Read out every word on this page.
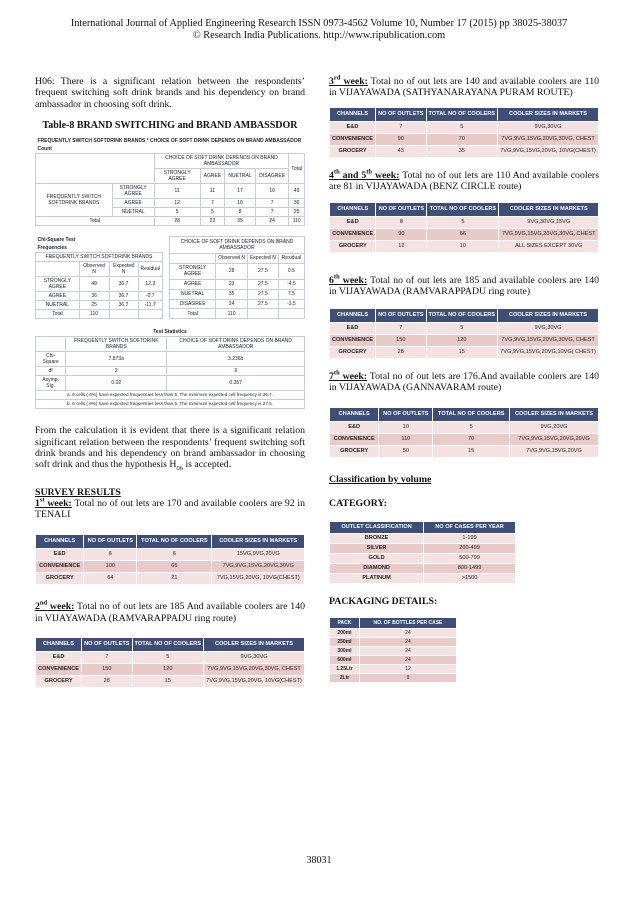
International Journal of Applied Engineering Research ISSN 0973-4562 Volume 10, Number 17 (2015) pp 38025-38037
© Research India Publications. http://www.ripublication.com

H06: There is a significant relation between the respondents’ frequent switching soft drink brands and his dependency on brand ambassador in choosing soft drink.

Table-8 BRAND SWITCHING and BRAND AMBASSDOR
FREQUENTLY SWITCH SOFTDRINK BRANDS * CHOICE OF SOFT DRINK DEPENDS ON BRAND AMBASSADOR						
Count						
		CHOICE OF SOFT DRINK DEPENDS ON BRAND AMBASSADOR				Total
		STRONGLY AGREE	AGREE	NUETRAL	DISAGREE	
FREQUENTLY SWITCH SOFTDRINK BRANDS	STRONGLY AGREE	11	11	17	10	49
	AGREE	12	7	10	7	36
	NUETRAL	5	5	8	7	25
Total		28	23	35	24	110
Chi-Square Test			
Frequencies			
FREQUENTLY SWITCH SOFTDRINK BRANDS			
	Observed N	Expected N	Residual
STRONGLY AGREE	49	36.7	12.3
AGREE	36	36.7	-0.7
NUETRAL	25	36.7	-11.7
Total	110		
CHOICE OF SOFT DRINK DEPENDS ON BRAND AMBASSADOR			
	Observed N	Expected N	Residual
STRONGLY AGREE	28	27.5	0.5
AGREE	23	27.5	-4.5
NUETRAL	35	27.5	7.5
DISAGREE	24	27.5	-3.5
Total	110		
Test Statistics		
	FREQUENTLY SWITCH SOFTDRINK BRANDS	CHOICE OF SOFT DRINK DEPENDS ON BRAND AMBASSADOR
Chi-Square	7.873a	3.236b
df	2	3
Asymp. Sig.	0.02	0.357
a. 0 cells (.0%) have expected frequencies less than 5. The minimum expected cell frequency is 36.7.		
b. 0 cells (.0%) have expected frequencies less than 5. The minimum expected cell frequency is 27.5.		

From the calculation it is evident that there is a significant relation significant relation between the respondents’ frequent switching soft drink brands and his dependency on brand ambassador in choosing soft drink and thus the hypothesis $H_{06}$ is accepted.

SURVEY RESULTS

1st week: Total no of out lets are 170 and available coolers are 92 in TENALI

CHANNELS	NO OF OUTLETS	TOTAL NO OF COOLERS	COOLER SIZES IN MARKETS
E&D	6	6	15VG,9VG,20VG
CONVENIENCE	100	65	7VG,9VG,15VG,20VG,30VG
GROCERY	64	21	7VG,15VG,20VG, 10VG(CHEST)

2nd week: Total no of out lets are 185 And available coolers are 140 in VIJAYAWADA (RAMVARAPPADU ring route)

CHANNELS	NO OF OUTLETS	TOTAL NO OF COOLERS	COOLER SIZES IN MARKETS
E&D	7	5	9VG,30VG
CONVENIENCE	150	120	7VG,9VG,15VG,20VG,30VG, CHEST
GROCERY	28	15	7VG,9VG,15VG,20VG, 10VG(CHEST)

3rd week: Total no of out lets are 140 and available coolers are 110 in VIJAYAWADA (SATHYANARAYANA PURAM ROUTE)

CHANNELS	NO OF OUTLETS	TOTAL NO OF COOLERS	COOLER SIZES IN MARKETS
E&D	7	5	9VG,30VG
CONVENIENCE	90	70	7VG,9VG,15VG,20VG,30VG, CHEST
GROCERY	43	35	7VG,9VG,15VG,20VG, 10VG(CHEST)

4th and 5th week: Total no of out lets are 110 And available coolers are 81 in VIJAYAWADA (BENZ CIRCLE route)

CHANNELS	NO OF OUTLETS	TOTAL NO OF COOLERS	COOLER SIZES IN MARKETS
E&D	8	5	9VG,30VG,15VG
CONVENIENCE	90	66	7VG,9VG,15VG,20VG,30VG, CHEST
GROCERY	12	10	ALL SIZES EXCEPT 30VG

6th week: Total no of out lets are 185 and available coolers are 140 in VIJAYAWADA (RAMVARAPPADU ring route)

CHANNELS	NO OF OUTLETS	TOTAL NO OF COOLERS	COOLER SIZES IN MARKETS
E&D	7	5	9VG,30VG
CONVENIENCE	150	120	7VG,9VG,15VG,20VG,30VG, CHEST
GROCERY	28	15	7VG,9VG,15VG,20VG,10VG( CHEST)

7th week: Total no of out lets are 176.And available coolers are 140 in VIJAYAWADA (GANNAVARAM route)

CHANNELS	NO OF OUTLETS	TOTAL NO OF COOLERS	COOLER SIZES IN MARKETS
E&D	10	5	9VG,20VG
CONVENIENCE	110	70	7VG,9VG,15VG,20VG,20VG
GROCERY	50	15	7VG,9VG,15VG,20VG
Classification by volume
CATEGORY:
OUTLET CLASSIFICATION	NO OF CASES PER YEAR
BRONZE	1-199
SILVER	200-499
GOLD	500-799
DIAMOND	800-1499
PLATINUM	>1500
PACKAGING DETAILS:
PACK	NO. OF BOTTLES PER CASE
200ml	24
250ml	24
300ml	24
600ml	24
1.25Ltr	12
2Ltr	9
38031
